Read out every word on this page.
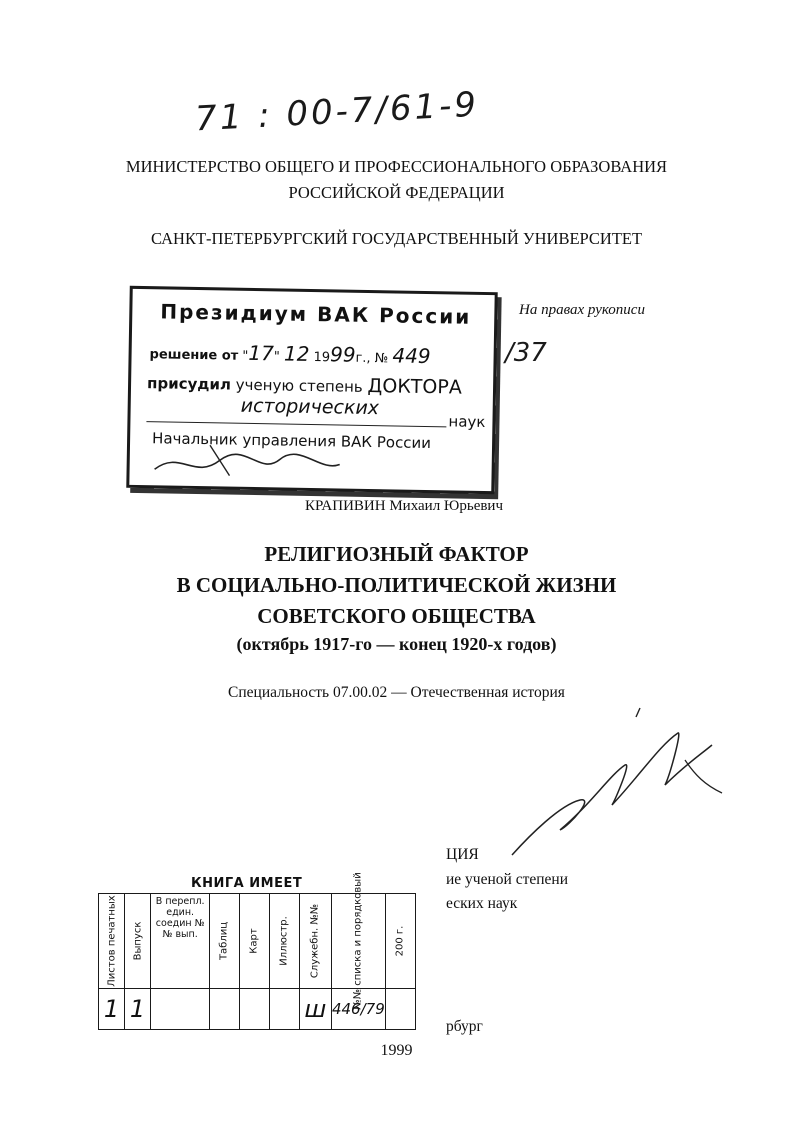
71 : 00-7/61-9
МИНИСТЕРСТВО ОБЩЕГО И ПРОФЕССИОНАЛЬНОГО ОБРАЗОВАНИЯ
РОССИЙСКОЙ ФЕДЕРАЦИИ
САНКТ-ПЕТЕРБУРГСКИЙ ГОСУДАРСТВЕННЫЙ УНИВЕРСИТЕТ
Президиум ВАК России
решение от "17" 12 1999г., № 449
присудил ученую степень ДОКТОРА
исторических
наук
Начальник управления ВАК России
/37
На правах рукописи
КРАПИВИН Михаил Юрьевич
РЕЛИГИОЗНЫЙ ФАКТОР
В СОЦИАЛЬНО-ПОЛИТИЧЕСКОЙ ЖИЗНИ
СОВЕТСКОГО ОБЩЕСТВА
(октябрь 1917-го — конец 1920-х годов)
Специальность 07.00.02 — Отечественная история
ЦИЯ
ие ученой степени
еских наук
рбург
КНИГА ИМЕЕТ
Листов печатных	Выпуск	В перепл. един. соедин №№ вып.	Таблиц	Карт	Иллюстр.	Служебн. №№	№№ списка и порядковый	200 г.

1	1					ш	446/79	
1999
